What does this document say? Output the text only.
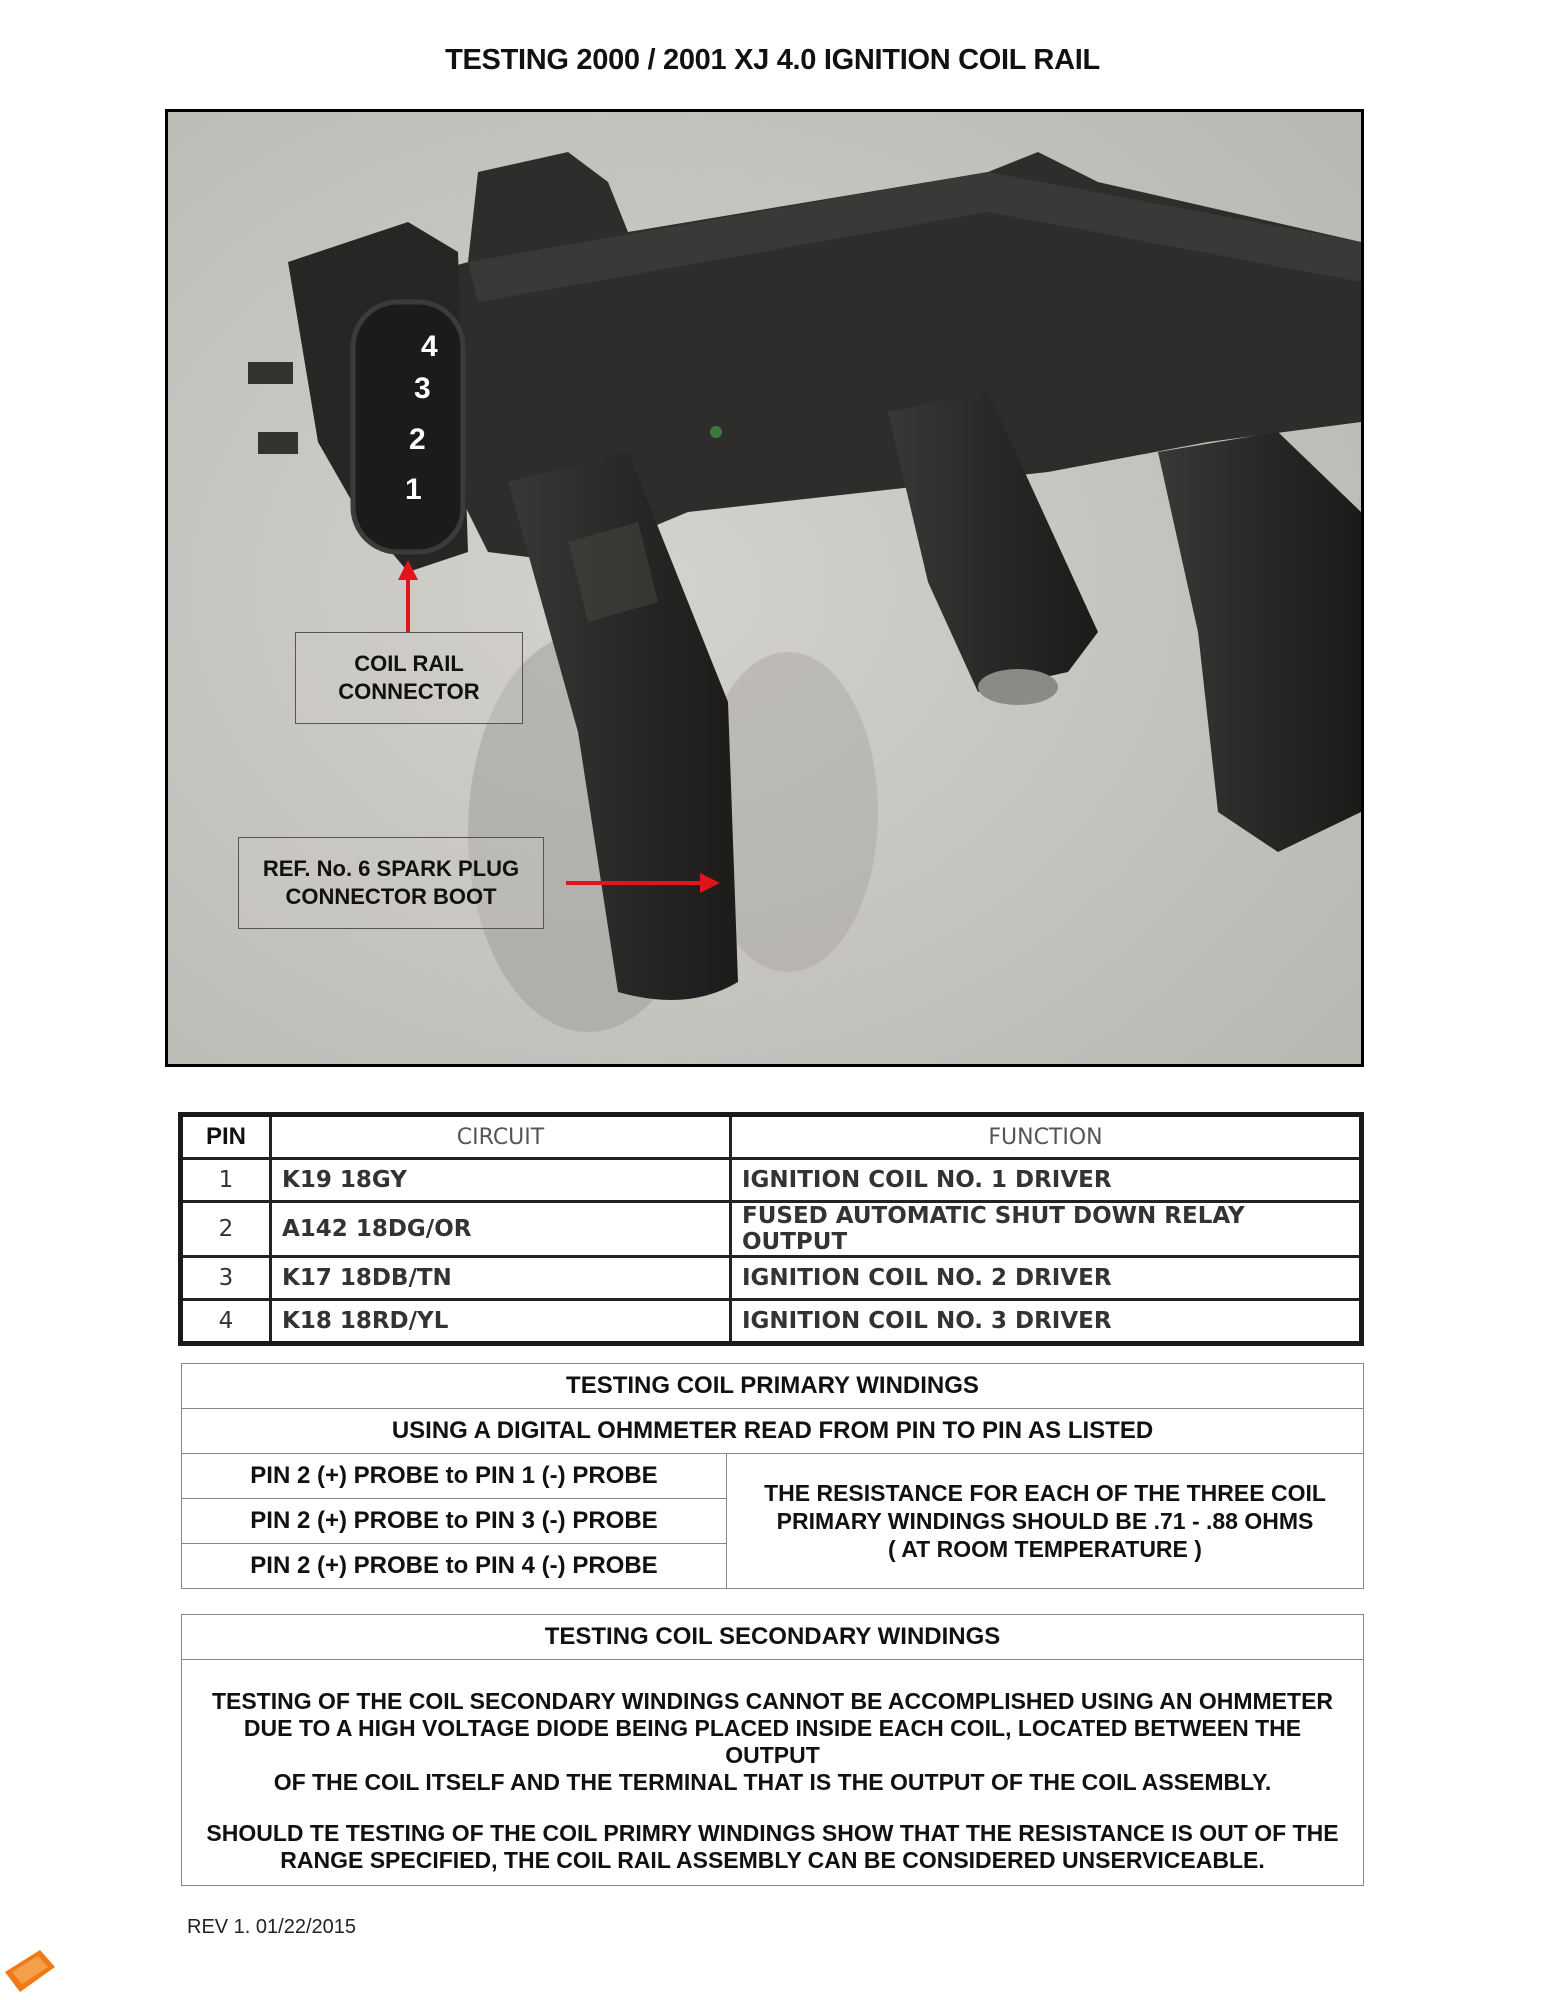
TESTING 2000 / 2001 XJ 4.0 IGNITION COIL RAIL
4
3
2
1
COIL RAIL
CONNECTOR
REF. No. 6 SPARK PLUG
CONNECTOR BOOT
PIN	CIRCUIT	FUNCTION
1	K19 18GY	IGNITION COIL NO. 1 DRIVER
2	A142 18DG/OR	FUSED AUTOMATIC SHUT DOWN RELAY OUTPUT
3	K17 18DB/TN	IGNITION COIL NO. 2 DRIVER
4	K18 18RD/YL	IGNITION COIL NO. 3 DRIVER
TESTING COIL PRIMARY WINDINGS
USING A DIGITAL OHMMETER READ FROM PIN TO PIN AS LISTED
PIN 2 (+) PROBE to PIN 1 (-) PROBE	THE RESISTANCE FOR EACH OF THE THREE COIL
PRIMARY WINDINGS SHOULD BE .71 - .88 OHMS
( AT ROOM TEMPERATURE )
PIN 2 (+) PROBE to PIN 3 (-) PROBE
PIN 2 (+) PROBE to PIN 4 (-) PROBE
TESTING COIL SECONDARY WINDINGS

TESTING OF THE COIL SECONDARY WINDINGS CANNOT BE ACCOMPLISHED USING AN OHMMETER
DUE TO A HIGH VOLTAGE DIODE BEING PLACED INSIDE EACH COIL, LOCATED BETWEEN THE OUTPUT
OF THE COIL ITSELF AND THE TERMINAL THAT IS THE OUTPUT OF THE COIL ASSEMBLY.

SHOULD TE TESTING OF THE COIL PRIMRY WINDINGS SHOW THAT THE RESISTANCE IS OUT OF THE
RANGE SPECIFIED, THE COIL RAIL ASSEMBLY CAN BE CONSIDERED UNSERVICEABLE.

REV 1. 01/22/2015
